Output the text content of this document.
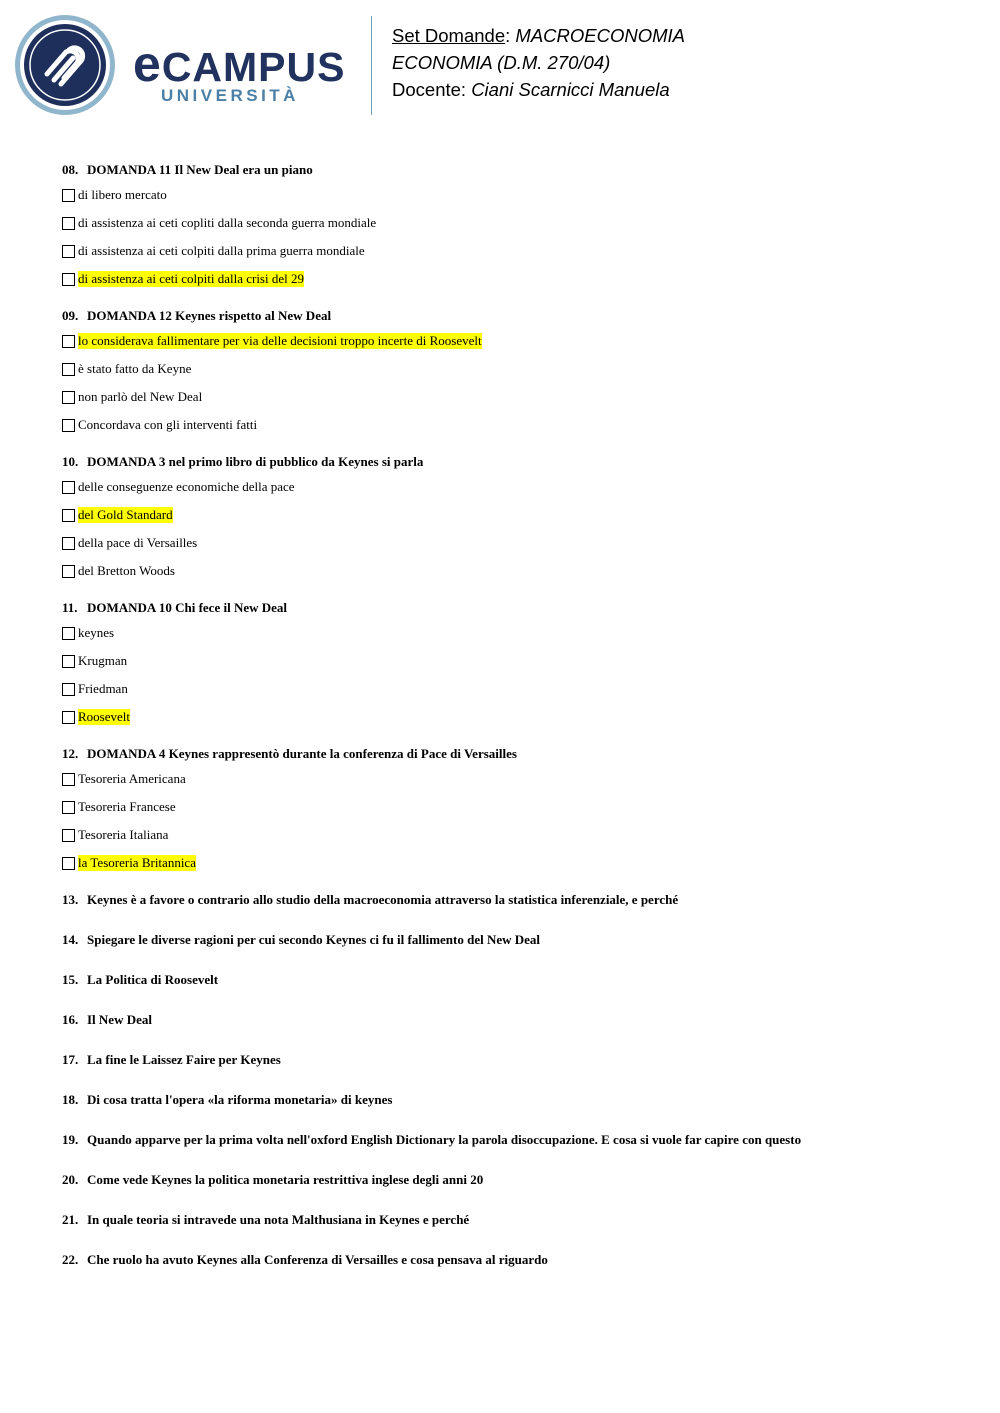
eCAMPUS
UNIVERSITÀ
Set Domande: MACROECONOMIA
ECONOMIA (D.M. 270/04)
Docente: Ciani Scarnicci Manuela
08. DOMANDA 11 Il New Deal era un piano
di libero mercato
di assistenza ai ceti copliti dalla seconda guerra mondiale
di assistenza ai ceti colpiti dalla prima guerra mondiale
di assistenza ai ceti colpiti dalla crisi del 29
09. DOMANDA 12 Keynes rispetto al New Deal
lo considerava fallimentare per via delle decisioni troppo incerte di Roosevelt
è stato fatto da Keyne
non parlò del New Deal
Concordava con gli interventi fatti
10. DOMANDA 3 nel primo libro di pubblico da Keynes si parla
delle conseguenze economiche della pace
del Gold Standard
della pace di Versailles
del Bretton Woods
11. DOMANDA 10 Chi fece il New Deal
keynes
Krugman
Friedman
Roosevelt
12. DOMANDA 4 Keynes rappresentò durante la conferenza di Pace di Versailles
Tesoreria Americana
Tesoreria Francese
Tesoreria Italiana
la Tesoreria Britannica
13. Keynes è a favore o contrario allo studio della macroeconomia attraverso la statistica inferenziale, e perché
14. Spiegare le diverse ragioni per cui secondo Keynes ci fu il fallimento del New Deal
15. La Politica di Roosevelt
16. Il New Deal
17. La fine le Laissez Faire per Keynes
18. Di cosa tratta l'opera «la riforma monetaria» di keynes
19. Quando apparve per la prima volta nell'oxford English Dictionary la parola disoccupazione. E cosa si vuole far capire con questo
20. Come vede Keynes la politica monetaria restrittiva inglese degli anni 20
21. In quale teoria si intravede una nota Malthusiana in Keynes e perché
22. Che ruolo ha avuto Keynes alla Conferenza di Versailles e cosa pensava al riguardo
